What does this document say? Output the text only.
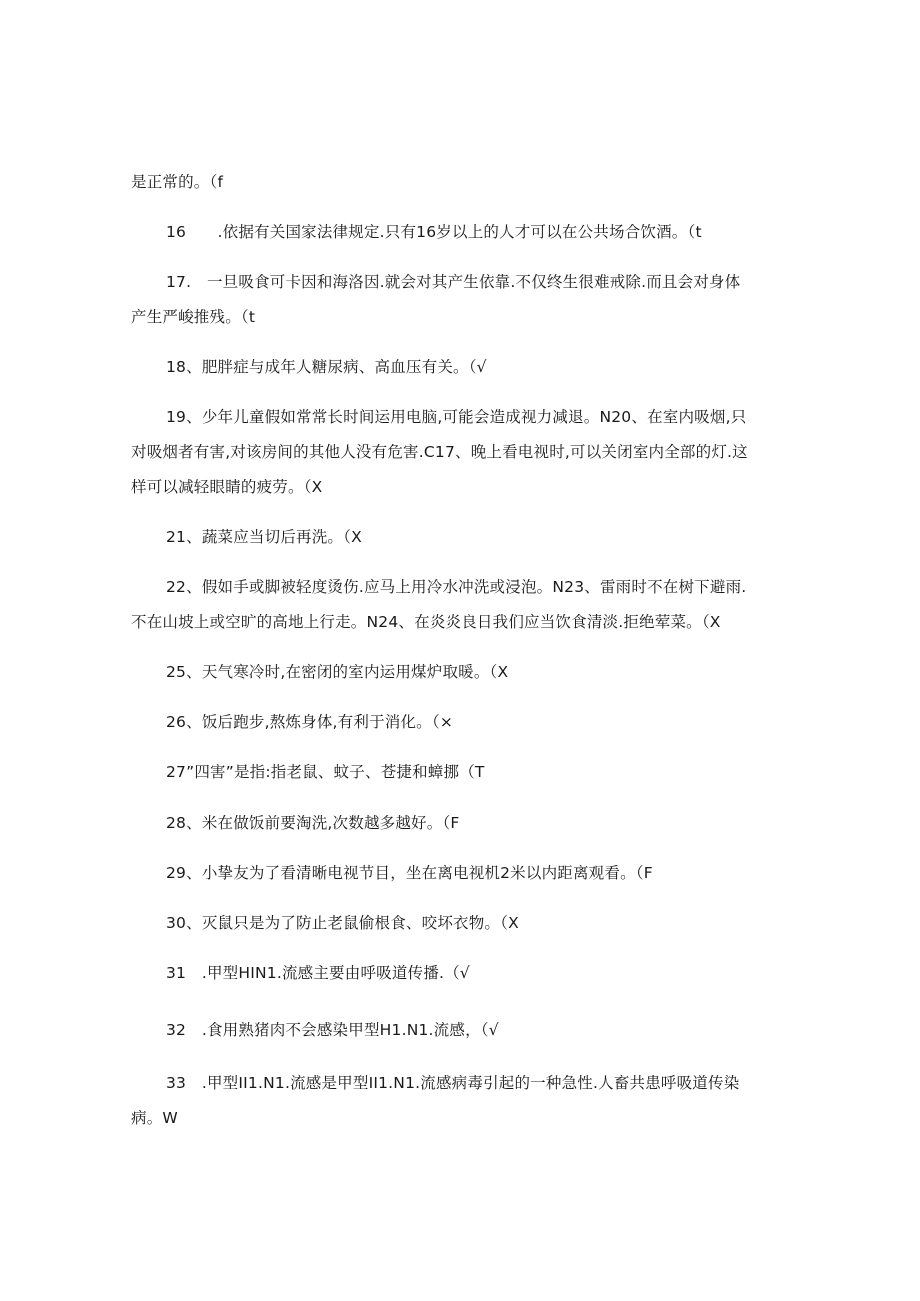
是正常的。（f
16　　.依据有关国家法律规定.只有16岁以上的人才可以在公共场合饮酒。（t
17.　一旦吸食可卡因和海洛因.就会对其产生依靠.不仅终生很难戒除.而且会对身体
产生严峻推残。（t
18、肥胖症与成年人糖尿病、高血压有关。（√
19、少年儿童假如常常长时间运用电脑,可能会造成视力减退。N20、在室内吸烟,只
对吸烟者有害,对该房间的其他人没有危害.C17、晚上看电视时,可以关闭室内全部的灯.这
样可以减轻眼睛的疲劳。（X
21、蔬菜应当切后再洗。（X
22、假如手或脚被轻度烫伤.应马上用冷水冲洗或浸泡。N23、雷雨时不在树下避雨.
不在山坡上或空旷的高地上行走。N24、在炎炎良日我们应当饮食清淡.拒绝荤菜。（X
25、天气寒冷时,在密闭的室内运用煤炉取暖。（X
26、饭后跑步,熬炼身体,有利于消化。（×
27”四害”是指:指老鼠、蚊子、苍捷和蟑挪（T
28、米在做饭前要淘洗,次数越多越好。（F
29、小挚友为了看清晰电视节目，坐在离电视机2米以内距离观看。（F
30、灭鼠只是为了防止老鼠偷根食、咬坏衣物。（X
31　.甲型HIN1.流感主要由呼吸道传播.（√
32　.食用熟猪肉不会感染甲型H1.N1.流感，（√
33　.甲型II1.N1.流感是甲型II1.N1.流感病毒引起的一种急性.人畜共患呼吸道传染
病。W
